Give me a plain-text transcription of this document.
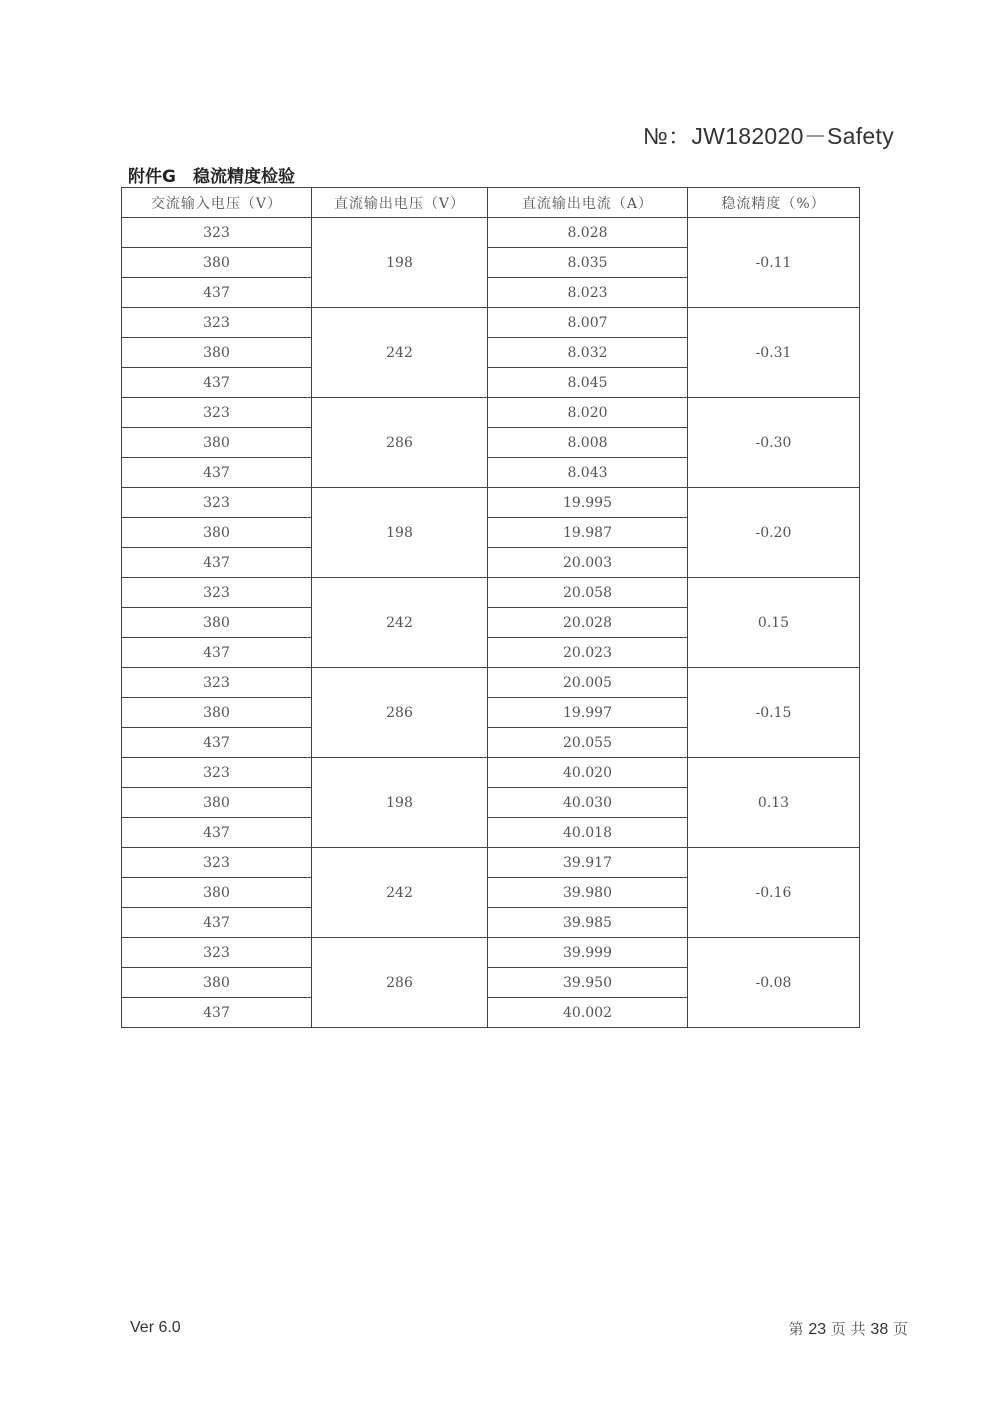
№：JW182020－Safety
附件G　稳流精度检验
交流输入电压（V）	直流输出电压（V）	直流输出电流（A）	稳流精度（%）
323	198	8.028	-0.11
380		8.035	
437		8.023	
323	242	8.007	-0.31
380		8.032	
437		8.045	
323	286	8.020	-0.30
380		8.008	
437		8.043	
323	198	19.995	-0.20
380		19.987	
437		20.003	
323	242	20.058	0.15
380		20.028	
437		20.023	
323	286	20.005	-0.15
380		19.997	
437		20.055	
323	198	40.020	0.13
380		40.030	
437		40.018	
323	242	39.917	-0.16
380		39.980	
437		39.985	
323	286	39.999	-0.08
380		39.950	
437		40.002	
Ver 6.0	第 23 页 共 38 页
